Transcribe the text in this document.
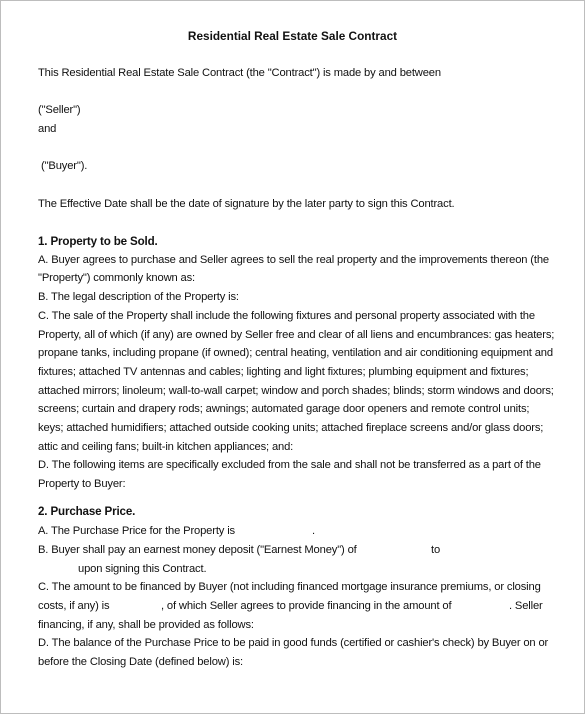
Residential Real Estate Sale Contract
This Residential Real Estate Sale Contract (the "Contract") is made by and between
("Seller")
and
("Buyer").
The Effective Date shall be the date of signature by the later party to sign this Contract.
1. Property to be Sold.
A. Buyer agrees to purchase and Seller agrees to sell the real property and the improvements thereon (the
"Property") commonly known as:
B. The legal description of the Property is:
C. The sale of the Property shall include the following fixtures and personal property associated with the
Property, all of which (if any) are owned by Seller free and clear of all liens and encumbrances: gas heaters;
propane tanks, including propane (if owned); central heating, ventilation and air conditioning equipment and
fixtures; attached TV antennas and cables; lighting and light fixtures; plumbing equipment and fixtures;
attached mirrors; linoleum; wall-to-wall carpet; window and porch shades; blinds; storm windows and doors;
screens; curtain and drapery rods; awnings; automated garage door openers and remote control units;
keys; attached humidifiers; attached outside cooking units; attached fireplace screens and/or glass doors;
attic and ceiling fans; built-in kitchen appliances; and:
D. The following items are specifically excluded from the sale and shall not be transferred as a part of the
Property to Buyer:
2. Purchase Price.
A. The Purchase Price for the Property is	.
B. Buyer shall pay an earnest money deposit ("Earnest Money") of	to
upon signing this Contract.
C. The amount to be financed by Buyer (not including financed mortgage insurance premiums, or closing
costs, if any) is	, of which Seller agrees to provide financing in the amount of	. Seller
financing, if any, shall be provided as follows:
D. The balance of the Purchase Price to be paid in good funds (certified or cashier's check) by Buyer on or
before the Closing Date (defined below) is:
